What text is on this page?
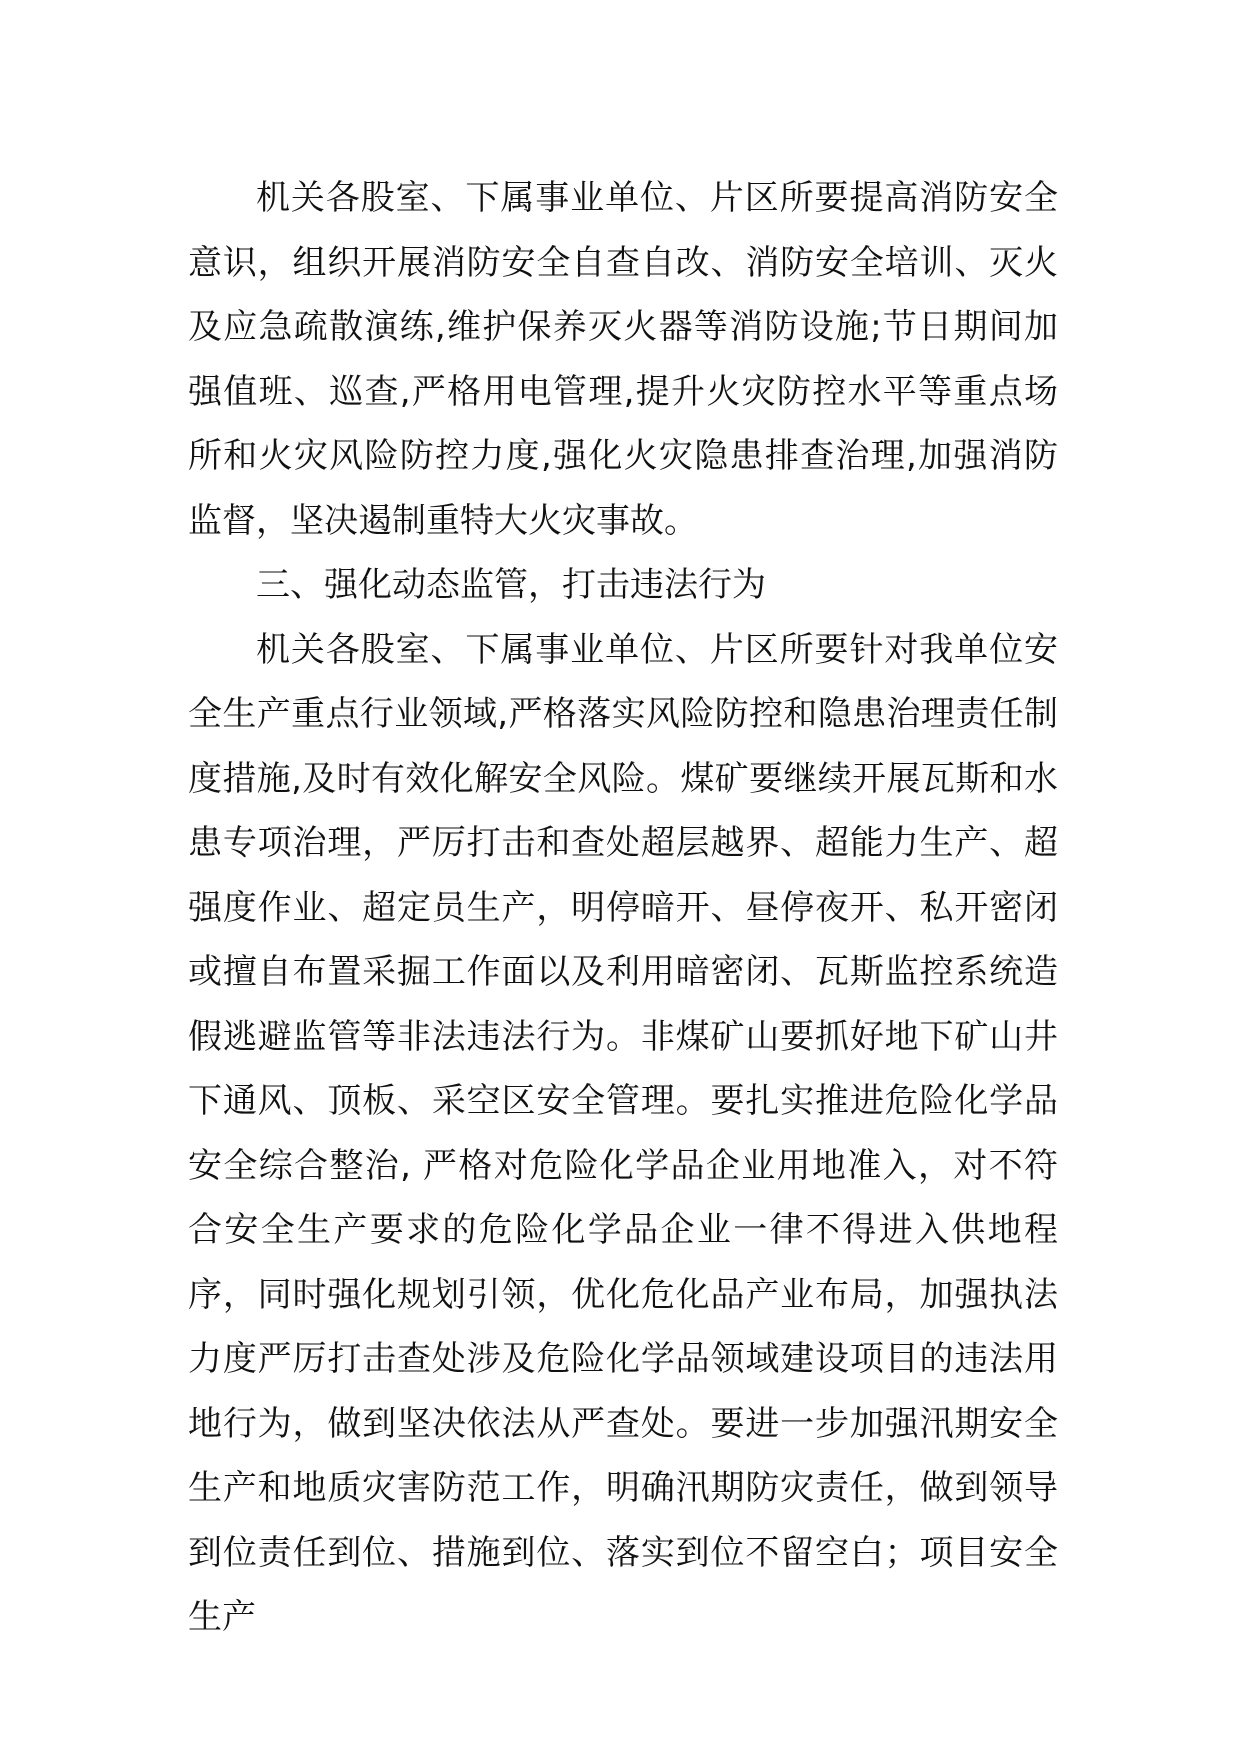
机关各股室、下属事业单位、片区所要提高消防安全意识，组织开展消防安全自查自改、消防安全培训、灭火及应急疏散演练,维护保养灭火器等消防设施;节日期间加强值班、巡查,严格用电管理,提升火灾防控水平等重点场所和火灾风险防控力度,强化火灾隐患排查治理,加强消防监督，坚决遏制重特大火灾事故。

三、强化动态监管，打击违法行为

机关各股室、下属事业单位、片区所要针对我单位安全生产重点行业领域,严格落实风险防控和隐患治理责任制度措施,及时有效化解安全风险。煤矿要继续开展瓦斯和水患专项治理，严厉打击和查处超层越界、超能力生产、超强度作业、超定员生产，明停暗开、昼停夜开、私开密闭或擅自布置采掘工作面以及利用暗密闭、瓦斯监控系统造假逃避监管等非法违法行为。非煤矿山要抓好地下矿山井下通风、顶板、采空区安全管理。要扎实推进危险化学品安全综合整治, 严格对危险化学品企业用地准入，对不符合安全生产要求的危险化学品企业一律不得进入供地程序，同时强化规划引领，优化危化品产业布局，加强执法力度严厉打击查处涉及危险化学品领域建设项目的违法用地行为，做到坚决依法从严查处。要进一步加强汛期安全生产和地质灾害防范工作，明确汛期防灾责任，做到领导到位责任到位、措施到位、落实到位不留空白；项目安全生产
